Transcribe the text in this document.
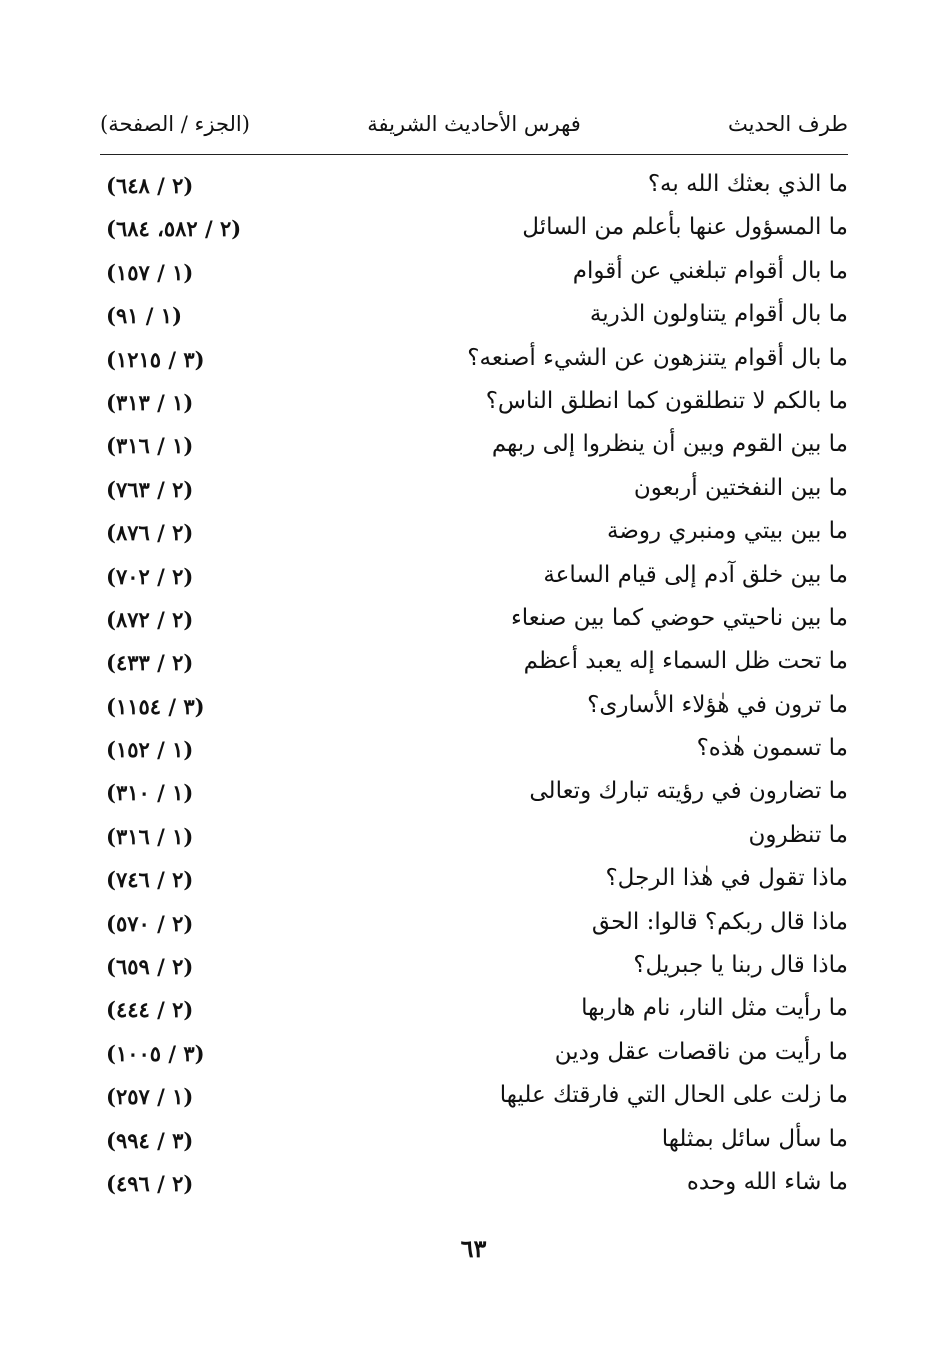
طرف الحديث
فهرس الأحاديث الشريفة
(الجزء / الصفحة)
ما الذي بعثك الله به؟
(٢ / ٦٤٨)
ما المسؤول عنها بأعلم من السائل
(٢ / ٥٨٢، ٦٨٤)
ما بال أقوام تبلغني عن أقوام
(١ / ١٥٧)
ما بال أقوام يتناولون الذرية
(١ / ٩١)
ما بال أقوام يتنزهون عن الشيء أصنعه؟
(٣ / ١٢١٥)
ما بالكم لا تنطلقون كما انطلق الناس؟
(١ / ٣١٣)
ما بين القوم وبين أن ينظروا إلى ربهم
(١ / ٣١٦)
ما بين النفختين أربعون
(٢ / ٧٦٣)
ما بين بيتي ومنبري روضة
(٢ / ٨٧٦)
ما بين خلق آدم إلى قيام الساعة
(٢ / ٧٠٢)
ما بين ناحيتي حوضي كما بين صنعاء
(٢ / ٨٧٢)
ما تحت ظل السماء إله يعبد أعظم
(٢ / ٤٣٣)
ما ترون في هٰؤلاء الأسارى؟
(٣ / ١١٥٤)
ما تسمون هٰذه؟
(١ / ١٥٢)
ما تضارون في رؤيته تبارك وتعالى
(١ / ٣١٠)
ما تنظرون
(١ / ٣١٦)
ماذا تقول في هٰذا الرجل؟
(٢ / ٧٤٦)
ماذا قال ربكم؟ قالوا: الحق
(٢ / ٥٧٠)
ماذا قال ربنا يا جبريل؟
(٢ / ٦٥٩)
ما رأيت مثل النار، نام هاربها
(٢ / ٤٤٤)
ما رأيت من ناقصات عقل ودين
(٣ / ١٠٠٥)
ما زلت على الحال التي فارقتك عليها
(١ / ٢٥٧)
ما سأل سائل بمثلها
(٣ / ٩٩٤)
ما شاء الله وحده
(٢ / ٤٩٦)
٦٣
